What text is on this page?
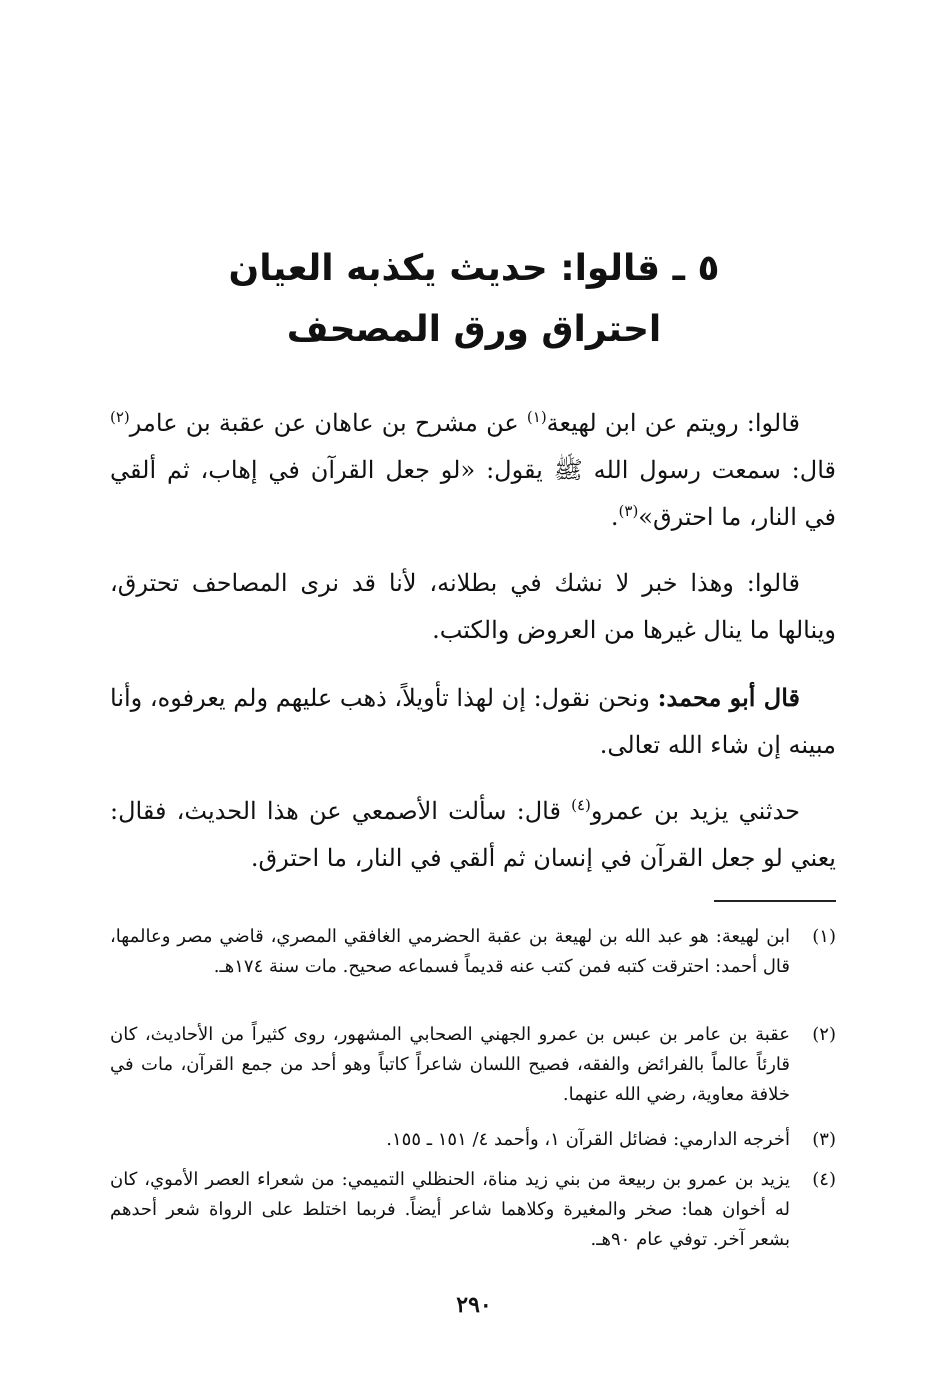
٥ ـ قالوا: حديث يكذبه العيان
احتراق ورق المصحف
قالوا: رويتم عن ابن لهيعة$^{(١)}$ عن مشرح بن عاهان عن عقبة بن عامر$^{(٢)}$ قال: سمعت رسول الله ﷺ يقول: «لو جعل القرآن في إهاب، ثم ألقي في النار، ما احترق»$^{(٣)}$.
قالوا: وهذا خبر لا نشك في بطلانه، لأنا قد نرى المصاحف تحترق، وينالها ما ينال غيرها من العروض والكتب.
قال أبو محمد: ونحن نقول: إن لهذا تأويلاً، ذهب عليهم ولم يعرفوه، وأنا مبينه إن شاء الله تعالى.
حدثني يزيد بن عمرو$^{(٤)}$ قال: سألت الأصمعي عن هذا الحديث، فقال: يعني لو جعل القرآن في إنسان ثم ألقي في النار، ما احترق.
(١)
ابن لهيعة: هو عبد الله بن لهيعة بن عقبة الحضرمي الغافقي المصري، قاضي مصر وعالمها، قال أحمد: احترقت كتبه فمن كتب عنه قديماً فسماعه صحيح. مات سنة ١٧٤هـ.
(٢)
عقبة بن عامر بن عبس بن عمرو الجهني الصحابي المشهور، روى كثيراً من الأحاديث، كان قارئاً عالماً بالفرائض والفقه، فصيح اللسان شاعراً كاتباً وهو أحد من جمع القرآن، مات في خلافة معاوية، رضي الله عنهما.
(٣)
أخرجه الدارمي: فضائل القرآن ١، وأحمد ٤/ ١٥١ ـ ١٥٥.
(٤)
يزيد بن عمرو بن ربيعة من بني زيد مناة، الحنظلي التميمي: من شعراء العصر الأموي، كان له أخوان هما: صخر والمغيرة وكلاهما شاعر أيضاً. فربما اختلط على الرواة شعر أحدهم بشعر آخر. توفي عام ٩٠هـ.
٢٩٠
